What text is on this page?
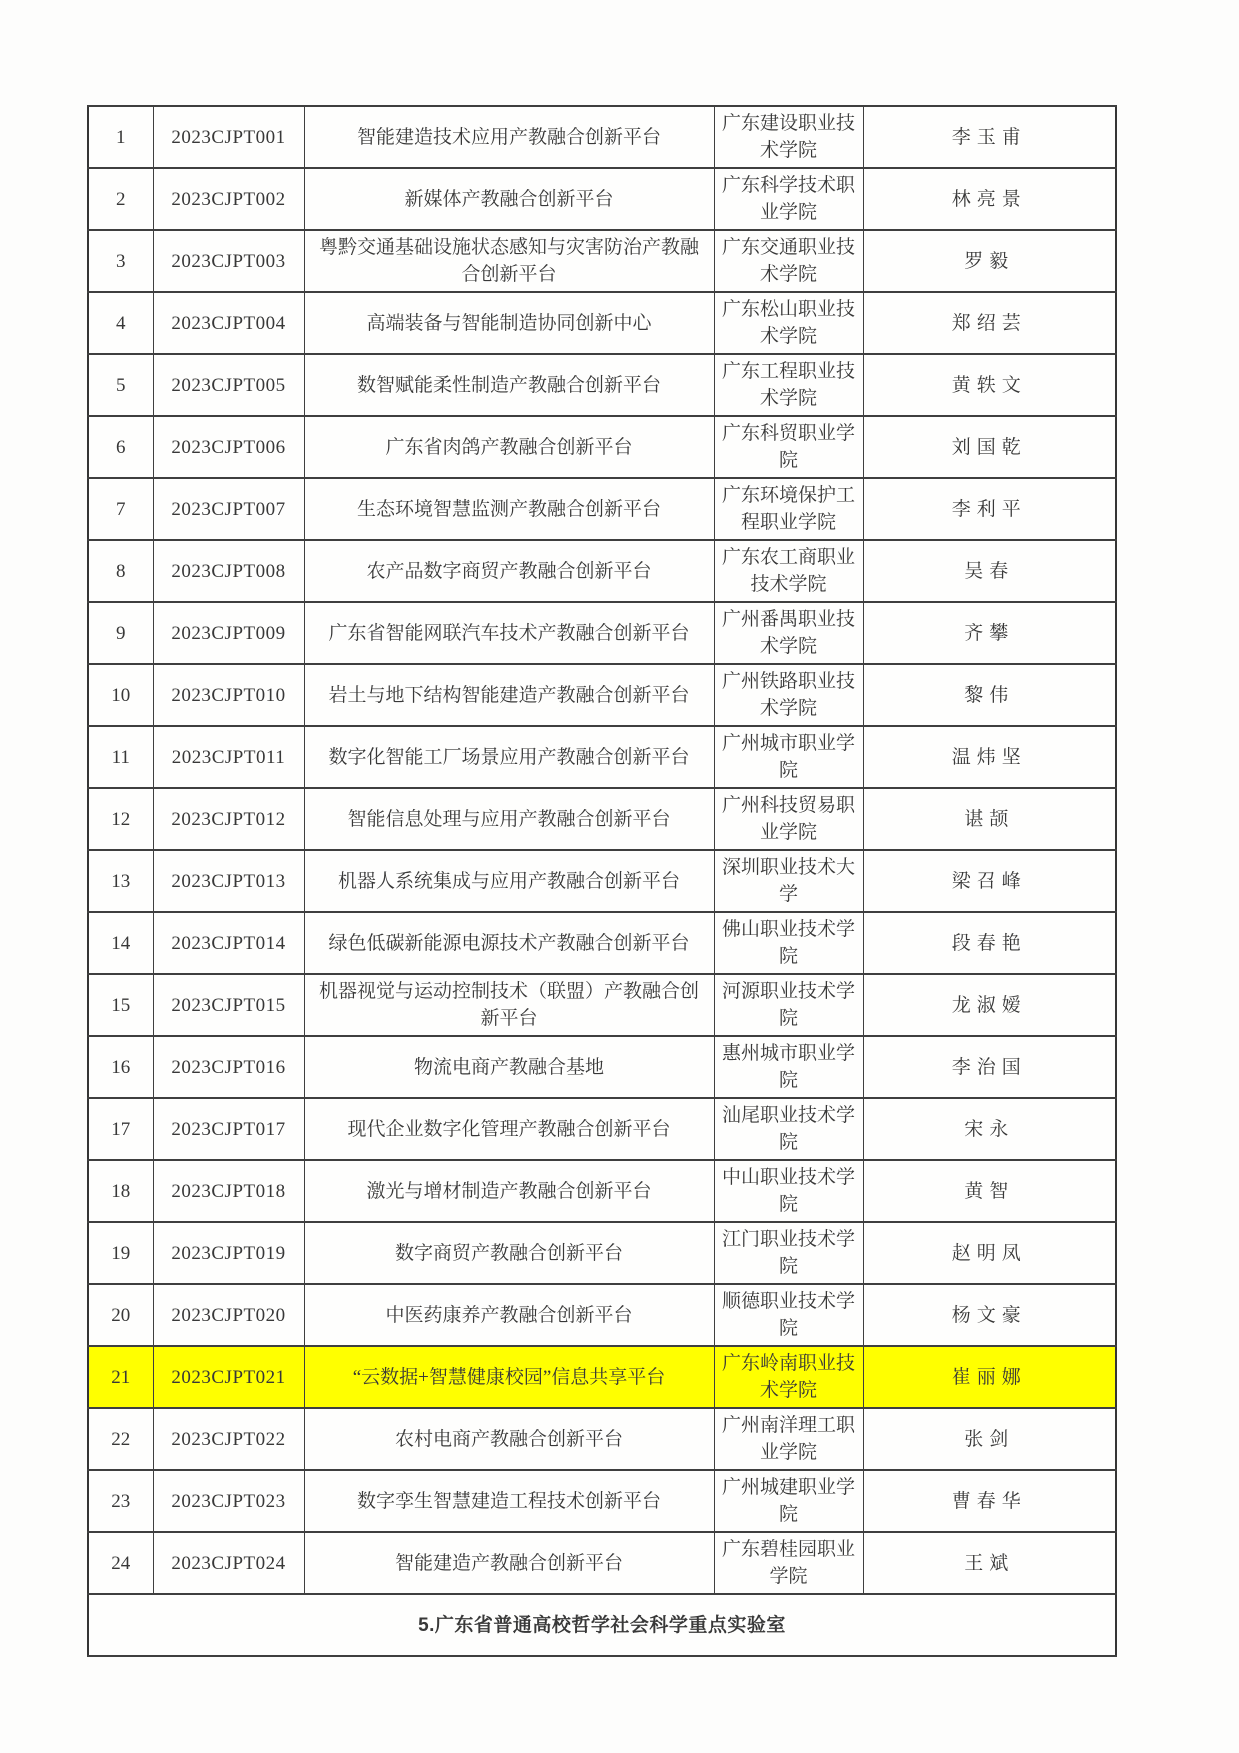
1	2023CJPT001	智能建造技术应用产教融合创新平台	广东建设职业技术学院	李玉甫
2	2023CJPT002	新媒体产教融合创新平台	广东科学技术职业学院	林亮景
3	2023CJPT003	粤黔交通基础设施状态感知与灾害防治产教融合创新平台	广东交通职业技术学院	罗毅
4	2023CJPT004	高端装备与智能制造协同创新中心	广东松山职业技术学院	郑绍芸
5	2023CJPT005	数智赋能柔性制造产教融合创新平台	广东工程职业技术学院	黄轶文
6	2023CJPT006	广东省肉鸽产教融合创新平台	广东科贸职业学院	刘国乾
7	2023CJPT007	生态环境智慧监测产教融合创新平台	广东环境保护工程职业学院	李利平
8	2023CJPT008	农产品数字商贸产教融合创新平台	广东农工商职业技术学院	吴春
9	2023CJPT009	广东省智能网联汽车技术产教融合创新平台	广州番禺职业技术学院	齐攀
10	2023CJPT010	岩土与地下结构智能建造产教融合创新平台	广州铁路职业技术学院	黎伟
11	2023CJPT011	数字化智能工厂场景应用产教融合创新平台	广州城市职业学院	温炜坚
12	2023CJPT012	智能信息处理与应用产教融合创新平台	广州科技贸易职业学院	谌颉
13	2023CJPT013	机器人系统集成与应用产教融合创新平台	深圳职业技术大学	梁召峰
14	2023CJPT014	绿色低碳新能源电源技术产教融合创新平台	佛山职业技术学院	段春艳
15	2023CJPT015	机器视觉与运动控制技术（联盟）产教融合创新平台	河源职业技术学院	龙淑嫒
16	2023CJPT016	物流电商产教融合基地	惠州城市职业学院	李治国
17	2023CJPT017	现代企业数字化管理产教融合创新平台	汕尾职业技术学院	宋永
18	2023CJPT018	激光与增材制造产教融合创新平台	中山职业技术学院	黄智
19	2023CJPT019	数字商贸产教融合创新平台	江门职业技术学院	赵明凤
20	2023CJPT020	中医药康养产教融合创新平台	顺德职业技术学院	杨文豪
21	2023CJPT021	“云数据+智慧健康校园”信息共享平台	广东岭南职业技术学院	崔丽娜
22	2023CJPT022	农村电商产教融合创新平台	广州南洋理工职业学院	张剑
23	2023CJPT023	数字孪生智慧建造工程技术创新平台	广州城建职业学院	曹春华
24	2023CJPT024	智能建造产教融合创新平台	广东碧桂园职业学院	王斌
5.广东省普通高校哲学社会科学重点实验室				
